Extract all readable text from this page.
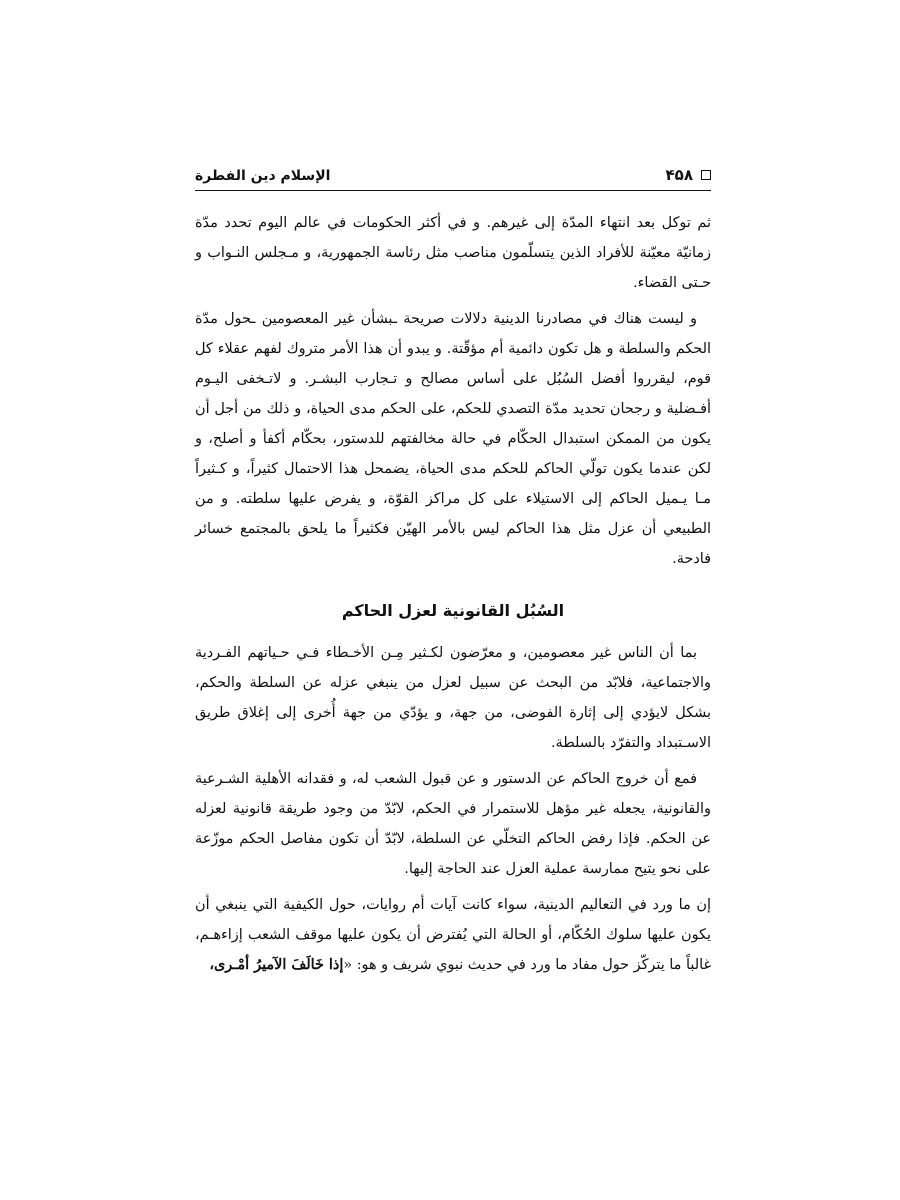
۴۵۸
الإسلام دين الفطرة

ثم توكل بعد انتهاء المدّة إلى غيرهم. و في أكثر الحكومات في عالم اليوم تحدد مدّة زمانيّة معيّنة للأفراد الذين يتسلّمون مناصب مثل رئاسة الجمهورية، و مـجلس النـواب و حـتى القضاء.

و ليست هناك في مصادرنا الدينية دلالات صريحة ـبشأن غير المعصومين ـحول مدّة الحكم والسلطة و هل تكون دائمية أم مؤقّتة. و يبدو أن هذا الأمر متروك لفهم عقلاء كل قوم، ليقرروا أفضل السُبُل على أساس مصالح و تـجارب البشـر. و لاتـخفى اليـوم أفـضلية و رجحان تحديد مدّة التصدي للحكم، على الحكم مدى الحياة، و ذلك من أجل أن يكون من الممكن استبدال الحكّام في حالة مخالفتهم للدستور، بحكّام أكفأ و أصلح، و لكن عندما يكون تولّي الحاكم للحكم مدى الحياة، يضمحل هذا الاحتمال كثيراً، و كـثيراً مـا يـميل الحاكم إلى الاستيلاء على كل مراكز القوّة، و يفرض عليها سلطته. و من الطبيعي أن عزل مثل هذا الحاكم ليس بالأمر الهيّن فكثيراً ما يلحق بالمجتمع خسائر فادحة.

السُبُل القانونية لعزل الحاكم

بما أن الناس غير معصومين، و معرّضون لكـثير مِـن الأخـطاء فـي حـياتهم الفـردية والاجتماعية، فلابّد من البحث عن سبيل لعزل من ينبغي عزله عن السلطة والحكم، بشكل لايؤدي إلى إثارة الفوضى، من جهة، و يؤدّي من جهة أُخرى إلى إغلاق طريق الاسـتبداد والتفرّد بالسلطة.

فمع أن خروج الحاكم عن الدستور و عن قبول الشعب له، و فقدانه الأهلية الشـرعية والقانونية، يجعله غير مؤهل للاستمرار في الحكم، لابّدّ من وجود طريقة قانونية لعزله عن الحكم. فإذا رفض الحاكم التخلّي عن السلطة، لابّدّ أن تكون مفاصل الحكم موزّعة على نحو يتيح ممارسة عملية العزل عند الحاجة إليها.

إن ما ورد في التعاليم الدينية، سواء كانت آيات أم روايات، حول الكيفية التي ينبغي أن يكون عليها سلوك الحُكّام، أو الحالة التي يُفترض أن يكون عليها موقف الشعب إزاءهـم، غالباً ما يتركّز حول مفاد ما ورد في حديث نبوي شريف و هو: «إذا خَالَفَ الآميرُ أمْـرى،
